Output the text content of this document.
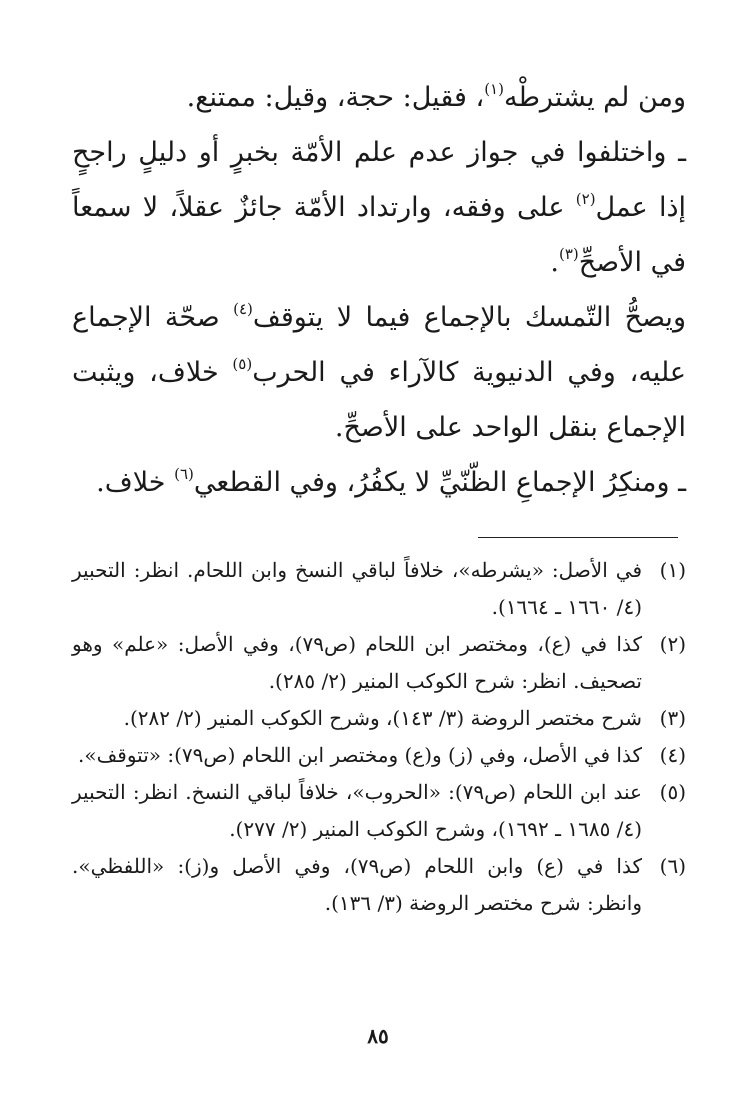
ومن لم يشترطْه$^{(١)}$، فقيل: حجة، وقيل: ممتنع.

ـ واختلفوا في جواز عدم علم الأمّة بخبرٍ أو دليلٍ راجحٍ إذا عمل$^{(٢)}$ على وفقه، وارتداد الأمّة جائزٌ عقلاً، لا سمعاً في الأصحِّ$^{(٣)}$.

ويصحُّ التّمسك بالإجماع فيما لا يتوقف$^{(٤)}$ صحّة الإجماع عليه، وفي الدنيوية كالآراء في الحرب$^{(٥)}$ خلاف، ويثبت الإجماع بنقل الواحد على الأصحِّ.

ـ ومنكِرُ الإجماعِ الظّنّيِّ لا يكفُرُ، وفي القطعي$^{(٦)}$ خلاف.

(١)
في الأصل: «يشرطه»، خلافاً لباقي النسخ وابن اللحام. انظر: التحبير (٤/ ١٦٦٠ ـ ١٦٦٤).
(٢)
كذا في (ع)، ومختصر ابن اللحام (ص٧٩)، وفي الأصل: «علم» وهو تصحيف. انظر: شرح الكوكب المنير (٢/ ٢٨٥).
(٣)
شرح مختصر الروضة (٣/ ١٤٣)، وشرح الكوكب المنير (٢/ ٢٨٢).
(٤)
كذا في الأصل، وفي (ز) و(ع) ومختصر ابن اللحام (ص٧٩): «تتوقف».
(٥)
عند ابن اللحام (ص٧٩): «الحروب»، خلافاً لباقي النسخ. انظر: التحبير (٤/ ١٦٨٥ ـ ١٦٩٢)، وشرح الكوكب المنير (٢/ ٢٧٧).
(٦)
كذا في (ع) وابن اللحام (ص٧٩)، وفي الأصل و(ز): «اللفظي». وانظر: شرح مختصر الروضة (٣/ ١٣٦).
٨٥
